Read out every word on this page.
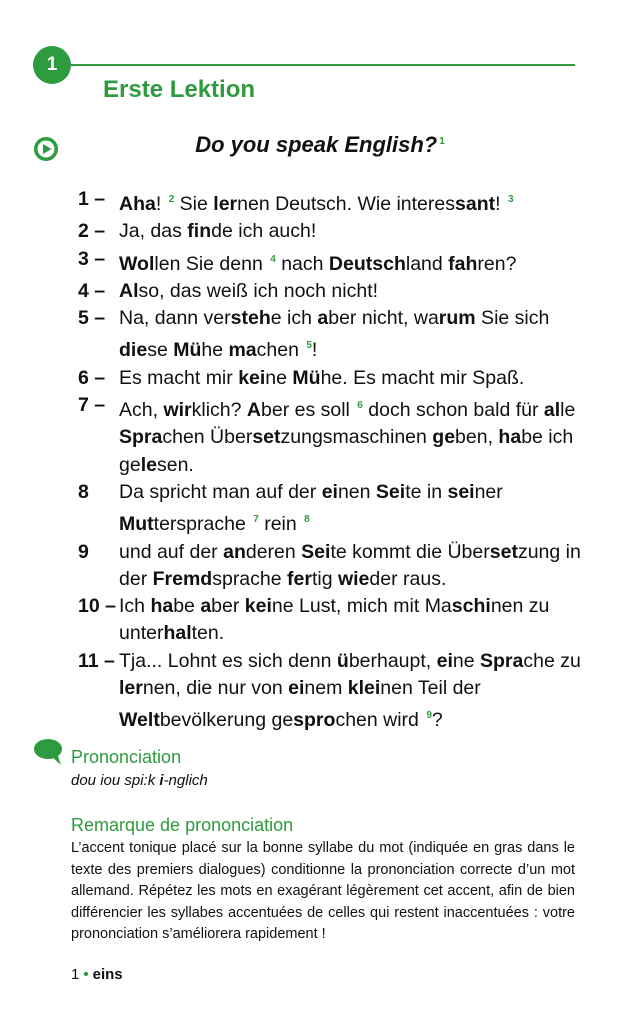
1
Erste Lektion
Do you speak English? $^1$
1 – Aha! $^2$ Sie lernen Deutsch. Wie interessant! $^3$
2 – Ja, das finde ich auch!
3 – Wollen Sie denn $^4$ nach Deutschland fahren?
4 – Also, das weiß ich noch nicht!
5 – Na, dann verstehe ich aber nicht, warum Sie sich diese Mühe machen $^5$!
6 – Es macht mir keine Mühe. Es macht mir Spaß.
7 – Ach, wirklich? Aber es soll $^6$ doch schon bald für alle Sprachen Übersetzungsmaschinen geben, habe ich gelesen.
8	Da spricht man auf der einen Seite in seiner Muttersprache $^7$ rein $^8$
9	und auf der anderen Seite kommt die Übersetzung in der Fremdsprache fertig wieder raus.
10 – Ich habe aber keine Lust, mich mit Maschinen zu unterhalten.
11 – Tja... Lohnt es sich denn überhaupt, eine Sprache zu lernen, die nur von einem kleinen Teil der Weltbevölkerung gesprochen wird $^9$?
Prononciation
dou iou spi:k i-nglich
Remarque de prononciation
L’accent tonique placé sur la bonne syllabe du mot (indiquée en gras dans le texte des premiers dialogues) conditionne la prononciation correcte d’un mot allemand. Répétez les mots en exagérant légèrement cet accent, afin de bien différencier les syllabes accentuées de celles qui restent inaccentuées : votre prononciation s’améliorera rapidement !
1 • eins
